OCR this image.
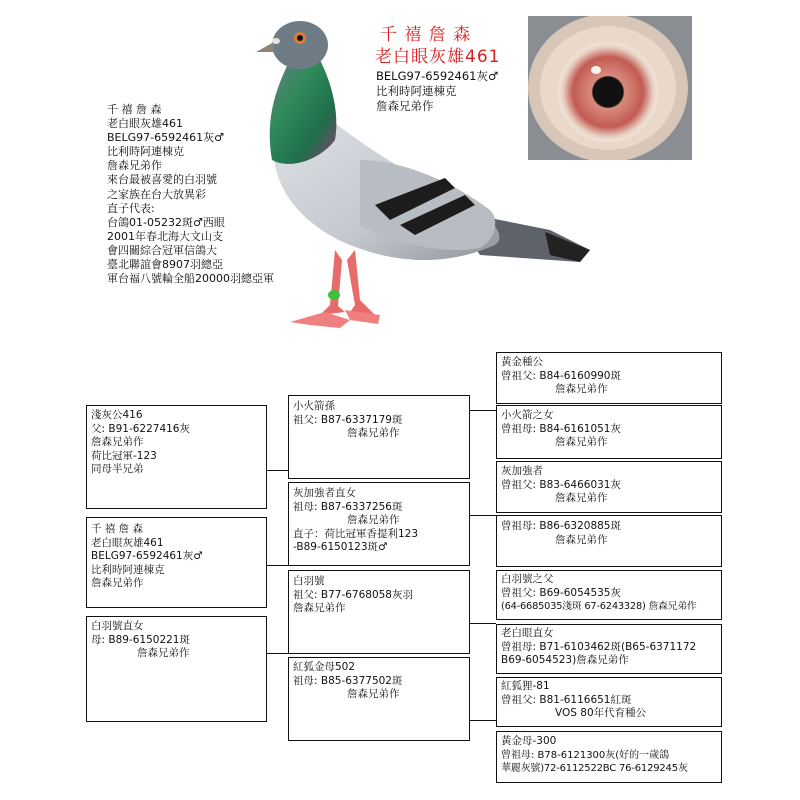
千 禧 詹 森
老白眼灰雄461
BELG97-6592461灰♂
比利時阿連棟克
詹森兄弟作
千 禧 詹 森
老白眼灰雄461
BELG97-6592461灰♂
比利時阿連棟克
詹森兄弟作
來台最被喜愛的白羽號
之家族在台大放異彩
直子代表:
台鴿01-05232斑♂西眼
2001年春北海大文山支
會四關綜合冠軍信鴿大
臺北聯誼會8907羽總亞
軍台福八號輪全船20000羽總亞軍
淺灰公416
父: B91-6227416灰
詹森兄弟作
荷比冠軍-123
同母半兄弟
千 禧 詹 森
老白眼灰雄461
BELG97-6592461灰♂
比利時阿連棟克
詹森兄弟作
白羽號直女
母: B89-6150221斑
詹森兄弟作
小火箭孫
祖父: B87-6337179斑
詹森兄弟作
灰加強者直女
祖母: B87-6337256斑
詹森兄弟作
直子：荷比冠軍香提利123
-B89-6150123斑♂
白羽號
祖父: B77-6768058灰羽
詹森兄弟作
紅狐金母502
祖母: B85-6377502斑
詹森兄弟作
黃金種公
曾祖父: B84-6160990斑
詹森兄弟作
小火箭之女
曾祖母: B84-6161051灰
詹森兄弟作
灰加強者
曾祖父: B83-6466031灰
詹森兄弟作
曾祖母: B86-6320885斑
詹森兄弟作
白羽號之父
曾祖父: B69-6054535灰
(64-6685035淺斑 67-6243328) 詹森兄弟作
老白眼直女
曾祖母: B71-6103462斑(B65-6371172
B69-6054523)詹森兄弟作
紅狐狸-81
曾祖父: B81-6116651紅斑
VOS 80年代育種公
黃金母-300
曾祖母: B78-6121300灰(好的一歲鴿
華麗灰號)72-6112522BC 76-6129245灰
